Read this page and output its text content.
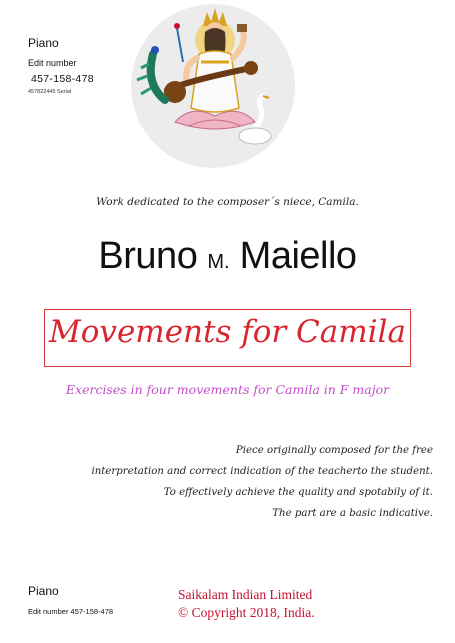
Piano
Edit number
457-158-478
457822445 Serial
Work dedicated to the composer´s niece, Camila.
Bruno M. Maiello
Movements for Camila
Exercises in four movements for Camila in F major
Piece originally composed for the free
interpretation and correct indication of the teacherto the student.
To effectively achieve the quality and spotabily of it.
The part are a basic indicative.
Piano
Edit number 457-158-478
Saikalam Indian Limited
© Copyright 2018, India.
